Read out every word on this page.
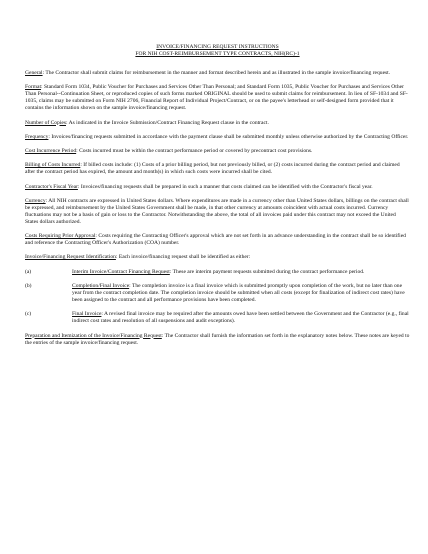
INVOICE/FINANCING REQUEST INSTRUCTIONS
FOR NIH COST-REIMBURSEMENT TYPE CONTRACTS, NIH(RC)-1

General: The Contractor shall submit claims for reimbursement in the manner and format described herein and as illustrated in the sample invoice/financing request.

Format: Standard Form 1034, Public Voucher for Purchases and Services Other Than Personal; and Standard Form 1035, Public Voucher for Purchases and Services Other Than Personal--Continuation Sheet, or reproduced copies of such forms marked ORIGINAL should be used to submit claims for reimbursement. In lieu of SF-1034 and SF-1035, claims may be submitted on Form NIH 2706, Financial Report of Individual Project/Contract, or on the payee's letterhead or self-designed form provided that it contains the information shown on the sample invoice/financing request.

Number of Copies: As indicated in the Invoice Submission/Contract Financing Request clause in the contract.

Frequency: Invoices/financing requests submitted in accordance with the payment clause shall be submitted monthly unless otherwise authorized by the Contracting Officer.

Cost Incurrence Period: Costs incurred must be within the contract performance period or covered by precontract cost provisions.

Billing of Costs Incurred: If billed costs include: (1) Costs of a prior billing period, but not previously billed, or (2) costs incurred during the contract period and claimed after the contract period has expired, the amount and month(s) in which such costs were incurred shall be cited.

Contractor's Fiscal Year: Invoices/financing requests shall be prepared in such a manner that costs claimed can be identified with the Contractor's fiscal year.

Currency: All NIH contracts are expressed in United States dollars. Where expenditures are made in a currency other than United States dollars, billings on the contract shall be expressed, and reimbursement by the United States Government shall be made, in that other currency at amounts coincident with actual costs incurred. Currency fluctuations may not be a basis of gain or loss to the Contractor. Notwithstanding the above, the total of all invoices paid under this contract may not exceed the United States dollars authorized.

Costs Requiring Prior Approval: Costs requiring the Contracting Officer's approval which are not set forth in an advance understanding in the contract shall be so identified and reference the Contracting Officer's Authorization (COA) number.

Invoice/Financing Request Identification: Each invoice/financing request shall be identified as either:

(a)	Interim Invoice/Contract Financing Request: These are interim payment requests submitted during the contract performance period.
(b)	Completion/Final Invoice: The completion invoice is a final invoice which is submitted promptly upon completion of the work, but no later than one year from the contract completion date. The completion invoice should be submitted when all costs (except for finalization of indirect cost rates) have been assigned to the contract and all performance provisions have been completed.
(c)	Final Invoice: A revised final invoice may be required after the amounts owed have been settled between the Government and the Contractor (e.g., final indirect cost rates and resolution of all suspensions and audit exceptions).

Preparation and Itemization of the Invoice/Financing Request: The Contractor shall furnish the information set forth in the explanatory notes below. These notes are keyed to the entries of the sample invoice/financing request.
